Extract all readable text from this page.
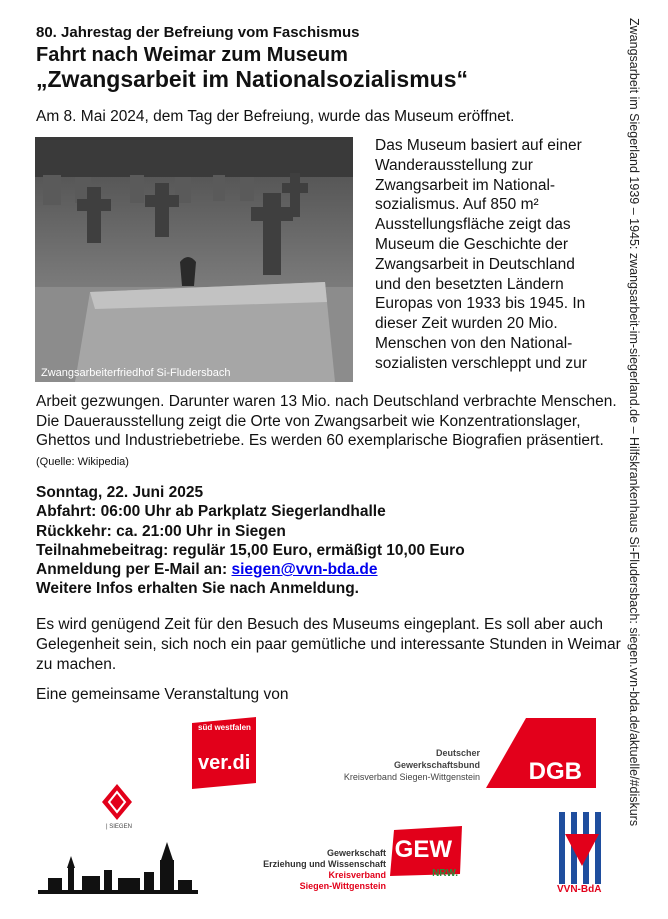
80. Jahrestag der Befreiung vom Faschismus
Fahrt nach Weimar zum Museum
„Zwangsarbeit im Nationalsozialismus“
Am 8. Mai 2024, dem Tag der Befreiung, wurde das Museum eröffnet.
Zwangsarbeiterfriedhof Si-Fludersbach
Das Museum basiert auf einer
Wanderausstellung zur
Zwangsarbeit im National-
sozialismus. Auf 850 m²
Ausstellungsfläche zeigt das
Museum die Geschichte der
Zwangsarbeit in Deutschland
und den besetzten Ländern
Europas von 1933 bis 1945. In
dieser Zeit wurden 20 Mio.
Menschen von den National-
sozialisten verschleppt und zur
Arbeit gezwungen. Darunter waren 13 Mio. nach Deutschland verbrachte Menschen. Die Dauerausstellung zeigt die Orte von Zwangsarbeit wie Konzentrationslager, Ghettos und Industriebetriebe. Es werden 60 exemplarische Biografien präsentiert. (Quelle: Wikipedia)
Sonntag, 22. Juni 2025
Abfahrt: 06:00 Uhr ab Parkplatz Siegerlandhalle
Rückkehr: ca. 21:00 Uhr in Siegen
Teilnahmebeitrag: regulär 15,00 Euro, ermäßigt 10,00 Euro
Anmeldung per E-Mail an: siegen@vvn-bda.de
Weitere Infos erhalten Sie nach Anmeldung.
Es wird genügend Zeit für den Besuch des Museums eingeplant. Es soll aber auch Gelegenheit sein, sich noch ein paar gemütliche und interessante Stunden in Weimar zu machen.
Eine gemeinsame Veranstaltung von	Zwangsarbeit im Siegerland 1939 – 1945: zwangsarbeit-im-siegerland.de – Hilfskrankenhaus Si-Fludersbach: siegen.vvn-bda.de/aktuelle/#diskurs
süd westfalen
ver.di	Deutscher
Gewerkschaftsbund
Kreisverband Siegen-Wittgenstein DGB
| SIEGEN
Gewerkschaft
Erziehung und Wissenschaft
Kreisverband
Siegen-Wittgenstein
GEW
NRW.
VVN-BdA
